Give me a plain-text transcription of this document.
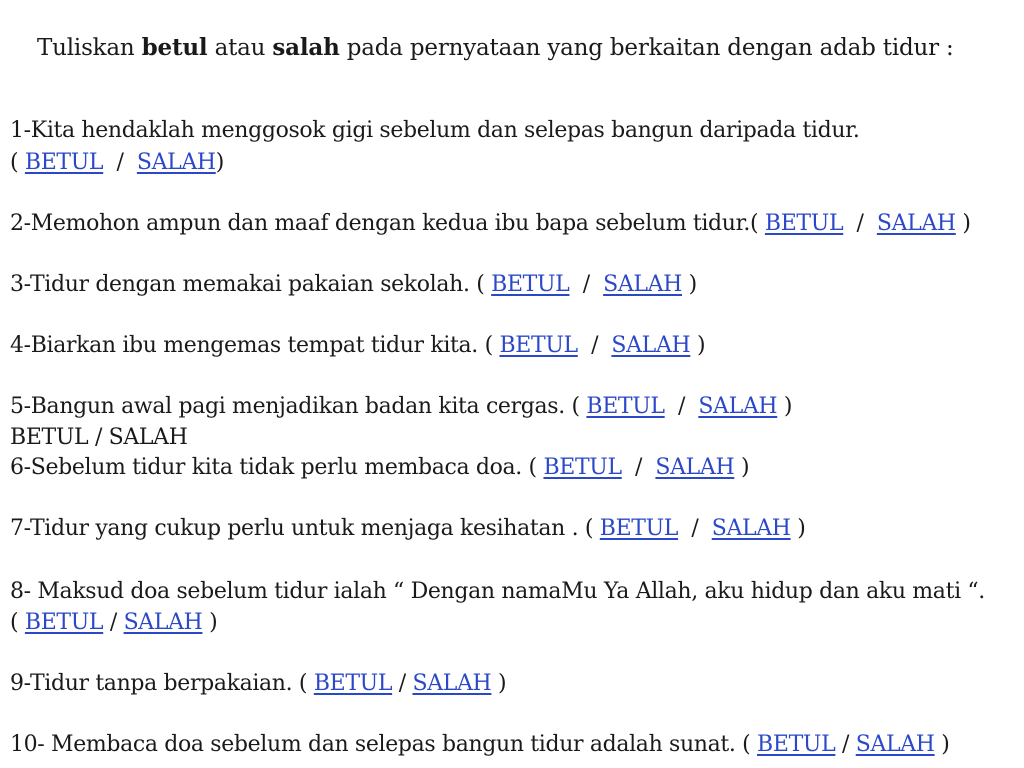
Tuliskan betul atau salah pada pernyataan yang berkaitan dengan adab tidur :
1-Kita hendaklah menggosok gigi sebelum dan selepas bangun daripada tidur.
( BETUL  /  SALAH)
2-Memohon ampun dan maaf dengan kedua ibu bapa sebelum tidur.( BETUL  /  SALAH )
3-Tidur dengan memakai pakaian sekolah. ( BETUL  /  SALAH )
4-Biarkan ibu mengemas tempat tidur kita. ( BETUL  /  SALAH )
5-Bangun awal pagi menjadikan badan kita cergas. ( BETUL  /  SALAH )
BETUL / SALAH
6-Sebelum tidur kita tidak perlu membaca doa. ( BETUL  /  SALAH )
7-Tidur yang cukup perlu untuk menjaga kesihatan . ( BETUL  /  SALAH )
8- Maksud doa sebelum tidur ialah “ Dengan namaMu Ya Allah, aku hidup dan aku mati “.
( BETUL / SALAH )
9-Tidur tanpa berpakaian. ( BETUL / SALAH )
10- Membaca doa sebelum dan selepas bangun tidur adalah sunat. ( BETUL / SALAH )
